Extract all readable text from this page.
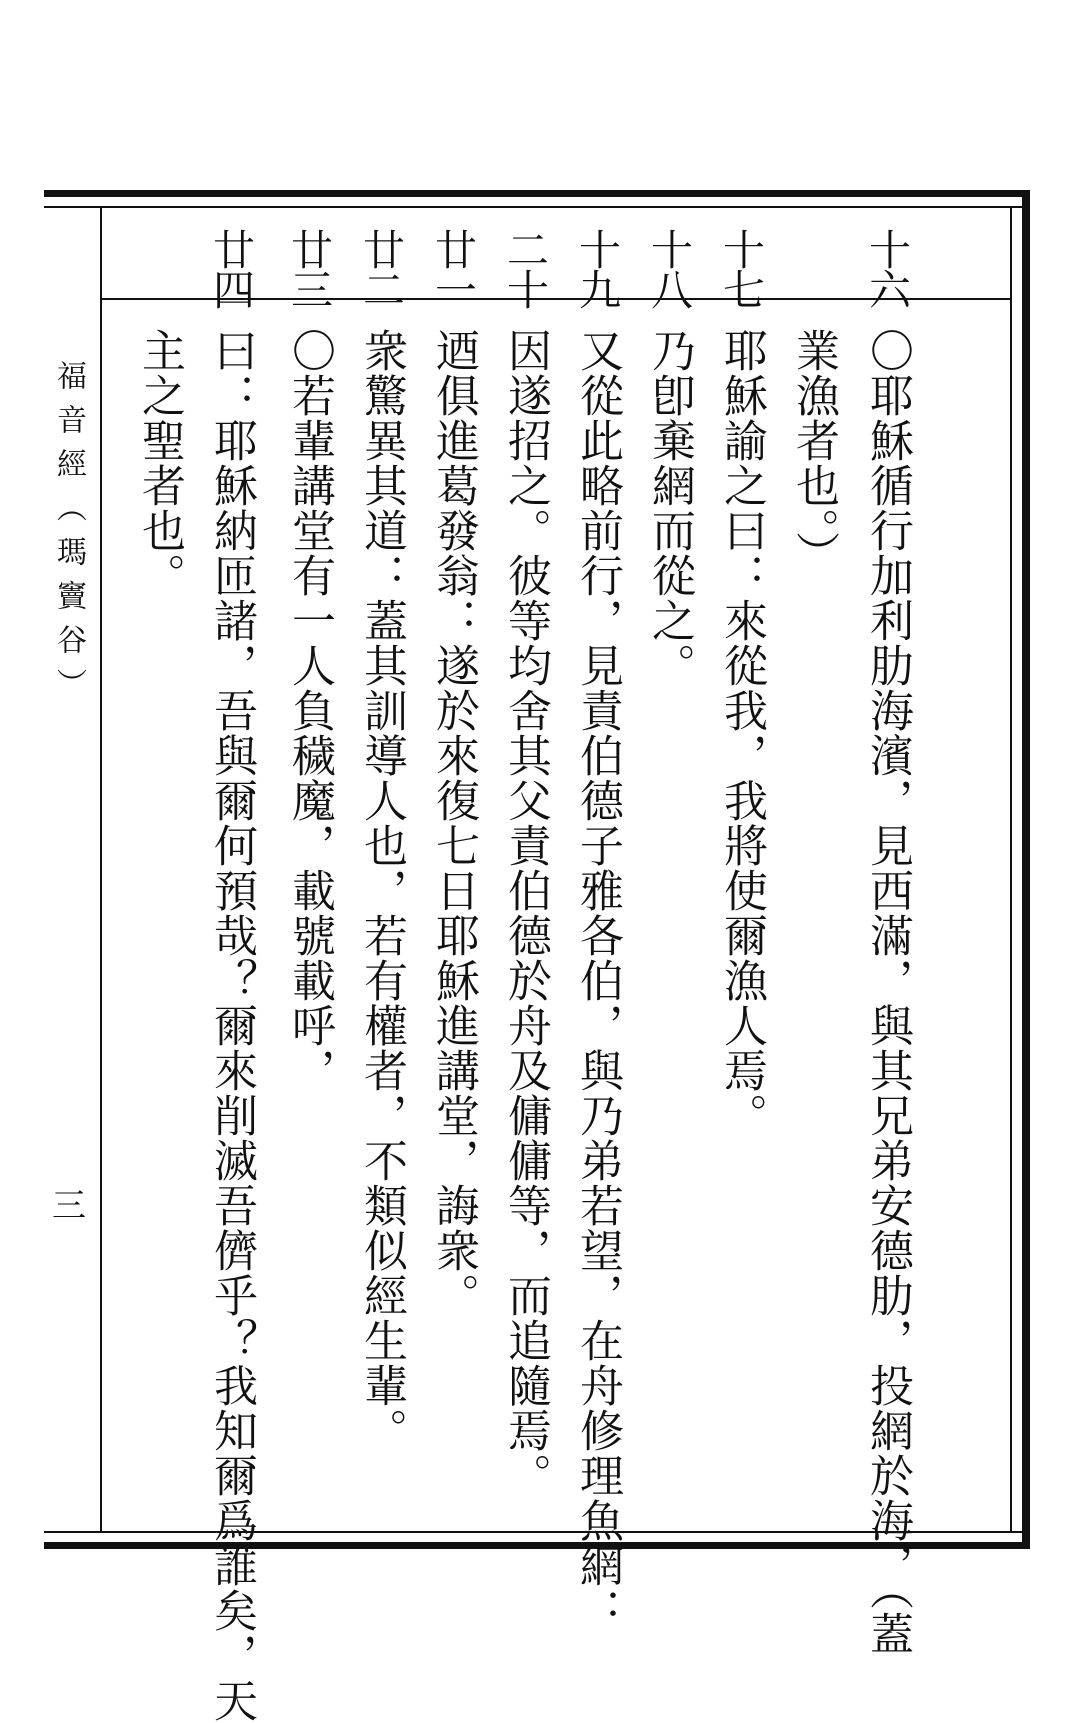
福音經（瑪竇谷）
三
十六
十七
十八
十九
二十
廿一
廿二
廿三
廿四
〇耶穌循行加利肋海濱，見西滿，與其兄弟安德肋，投網於海，（蓋
業漁者也。）
耶穌諭之曰：來從我，我將使爾漁人焉。
乃卽棄網而從之。
又從此略前行，見責伯德子雅各伯，與乃弟若望，在舟修理魚網：
因遂招之。彼等均舍其父責伯德於舟及傭傭等，而追隨焉。
迺俱進葛發翁：遂於來復七日耶穌進講堂，誨衆。
衆驚異其道：蓋其訓導人也，若有權者，不類似經生輩。
〇若輩講堂有一人負穢魔，載號載呼，
曰：耶穌納匝諸，吾與爾何預哉？爾來削滅吾儕乎？我知爾爲誰矣，天
主之聖者也。
